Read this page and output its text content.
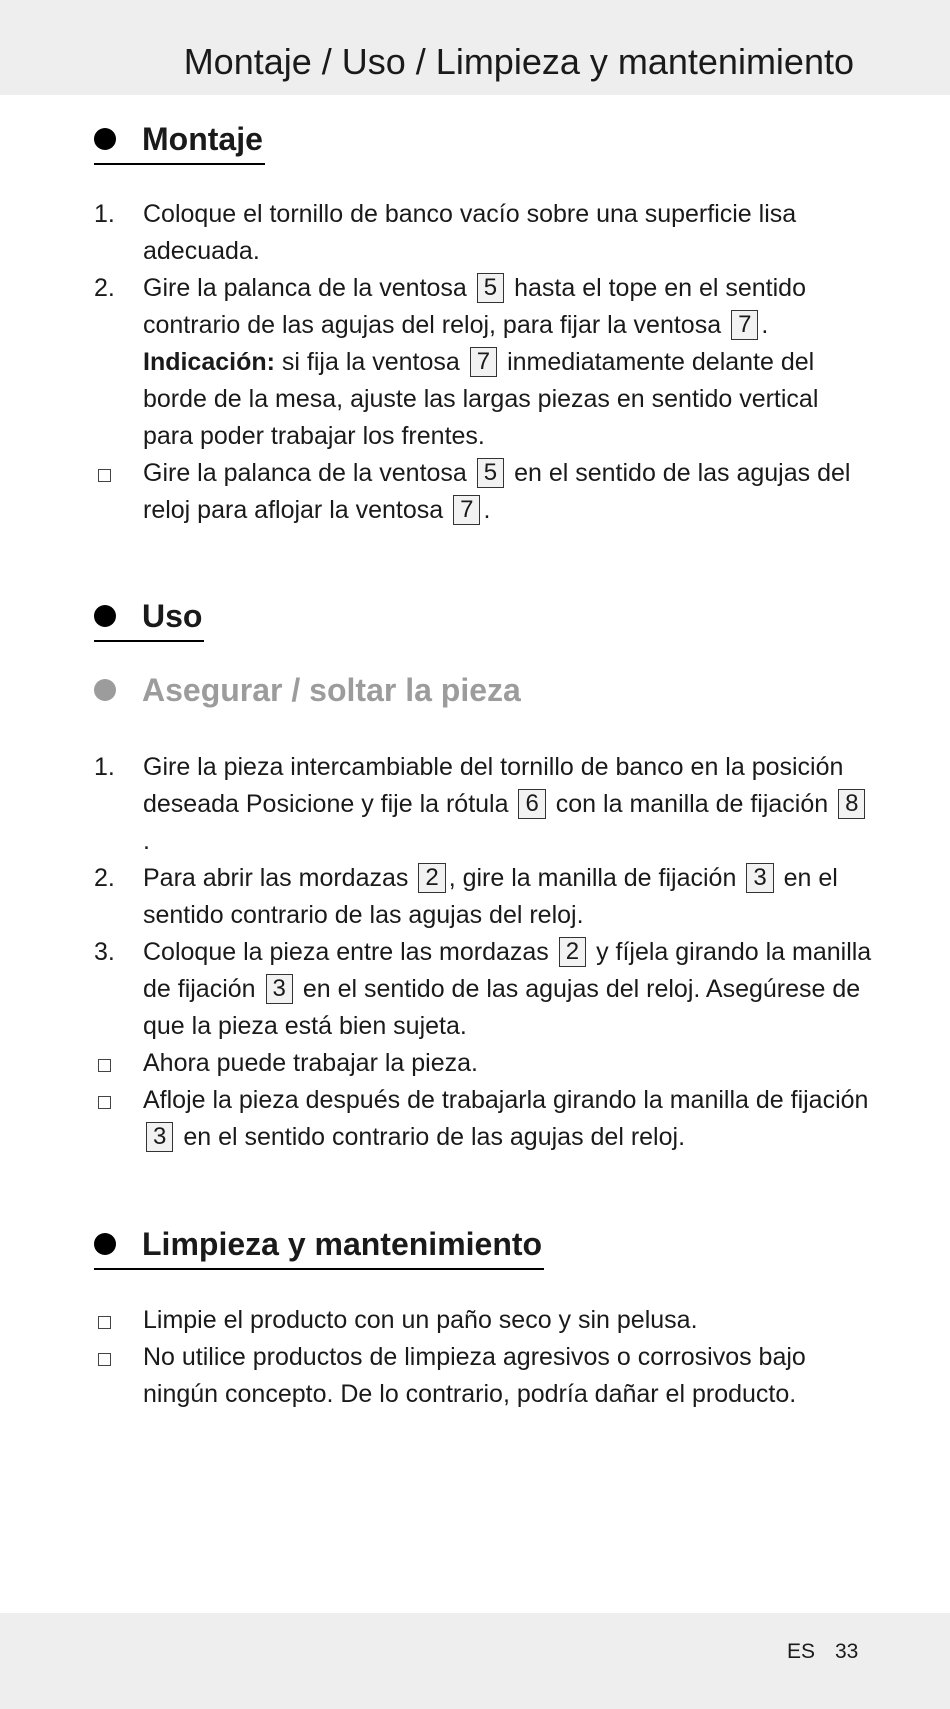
Montaje / Uso / Limpieza y mantenimiento
Montaje
1. Coloque el tornillo de banco vacío sobre una superficie lisa adecuada.
2. Gire la palanca de la ventosa 5 hasta el tope en el sentido contrario de las agujas del reloj, para fijar la ventosa 7 .
Indicación: si fija la ventosa 7 inmediatamente delante del borde de la mesa, ajuste las largas piezas en sentido vertical para poder trabajar los frentes.
Gire la palanca de la ventosa 5 en el sentido de las agujas del reloj para aflojar la ventosa 7 .
Uso
Asegurar / soltar la pieza
1. Gire la pieza intercambiable del tornillo de banco en la posición deseada Posicione y fije la rótula 6 con la manilla de fijación 8.
2. Para abrir las mordazas 2 , gire la manilla de fijación 3 en el sentido contrario de las agujas del reloj.
3. Coloque la pieza entre las mordazas 2 y fíjela girando la manilla de fijación 3 en el sentido de las agujas del reloj. Asegúrese de que la pieza está bien sujeta.
Ahora puede trabajar la pieza.
Afloje la pieza después de trabajarla girando la manilla de fijación 3 en el sentido contrario de las agujas del reloj.
Limpieza y mantenimiento
Limpie el producto con un paño seco y sin pelusa.
No utilice productos de limpieza agresivos o corrosivos bajo ningún concepto. De lo contrario, podría dañar el producto.
ES 33
